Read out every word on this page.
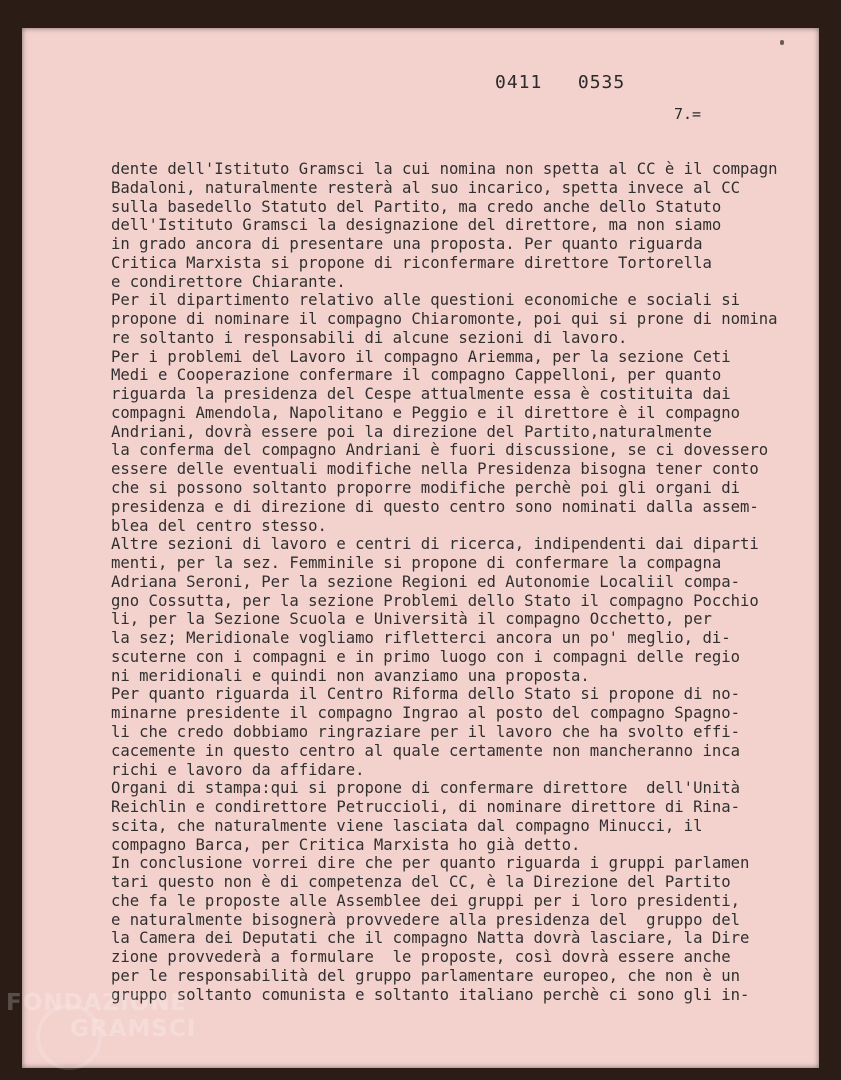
0411   0535
7.=
dente dell'Istituto Gramsci la cui nomina non spetta al CC è il compagn
Badaloni, naturalmente resterà al suo incarico, spetta invece al CC
sulla basedello Statuto del Partito, ma credo anche dello Statuto
dell'Istituto Gramsci la designazione del direttore, ma non siamo
in grado ancora di presentare una proposta. Per quanto riguarda
Critica Marxista si propone di riconfermare direttore Tortorella
e condirettore Chiarante.
Per il dipartimento relativo alle questioni economiche e sociali si
propone di nominare il compagno Chiaromonte, poi qui si prone di nomina
re soltanto i responsabili di alcune sezioni di lavoro.
Per i problemi del Lavoro il compagno Ariemma, per la sezione Ceti
Medi e Cooperazione confermare il compagno Cappelloni, per quanto
riguarda la presidenza del Cespe attualmente essa è costituita dai
compagni Amendola, Napolitano e Peggio e il direttore è il compagno
Andriani, dovrà essere poi la direzione del Partito,naturalmente
la conferma del compagno Andriani è fuori discussione, se ci dovessero
essere delle eventuali modifiche nella Presidenza bisogna tener conto
che si possono soltanto proporre modifiche perchè poi gli organi di
presidenza e di direzione di questo centro sono nominati dalla assem-
blea del centro stesso.
Altre sezioni di lavoro e centri di ricerca, indipendenti dai diparti
menti, per la sez. Femminile si propone di confermare la compagna
Adriana Seroni, Per la sezione Regioni ed Autonomie Localiil compa-
gno Cossutta, per la sezione Problemi dello Stato il compagno Pocchio
li, per la Sezione Scuola e Università il compagno Occhetto, per
la sez; Meridionale vogliamo rifletterci ancora un po' meglio, di-
scuterne con i compagni e in primo luogo con i compagni delle regio
ni meridionali e quindi non avanziamo una proposta.
Per quanto riguarda il Centro Riforma dello Stato si propone di no-
minarne presidente il compagno Ingrao al posto del compagno Spagno-
li che credo dobbiamo ringraziare per il lavoro che ha svolto effi-
cacemente in questo centro al quale certamente non mancheranno inca
richi e lavoro da affidare.
Organi di stampa:qui si propone di confermare direttore  dell'Unità
Reichlin e condirettore Petruccioli, di nominare direttore di Rina-
scita, che naturalmente viene lasciata dal compagno Minucci, il
compagno Barca, per Critica Marxista ho già detto.
In conclusione vorrei dire che per quanto riguarda i gruppi parlamen
tari questo non è di competenza del CC, è la Direzione del Partito
che fa le proposte alle Assemblee dei gruppi per i loro presidenti,
e naturalmente bisognerà provvedere alla presidenza del  gruppo del
la Camera dei Deputati che il compagno Natta dovrà lasciare, la Dire
zione provvederà a formulare  le proposte, così dovrà essere anche
per le responsabilità del gruppo parlamentare europeo, che non è un
gruppo soltanto comunista e soltanto italiano perchè ci sono gli in-
FONDAZIONE
GRAMSCI
